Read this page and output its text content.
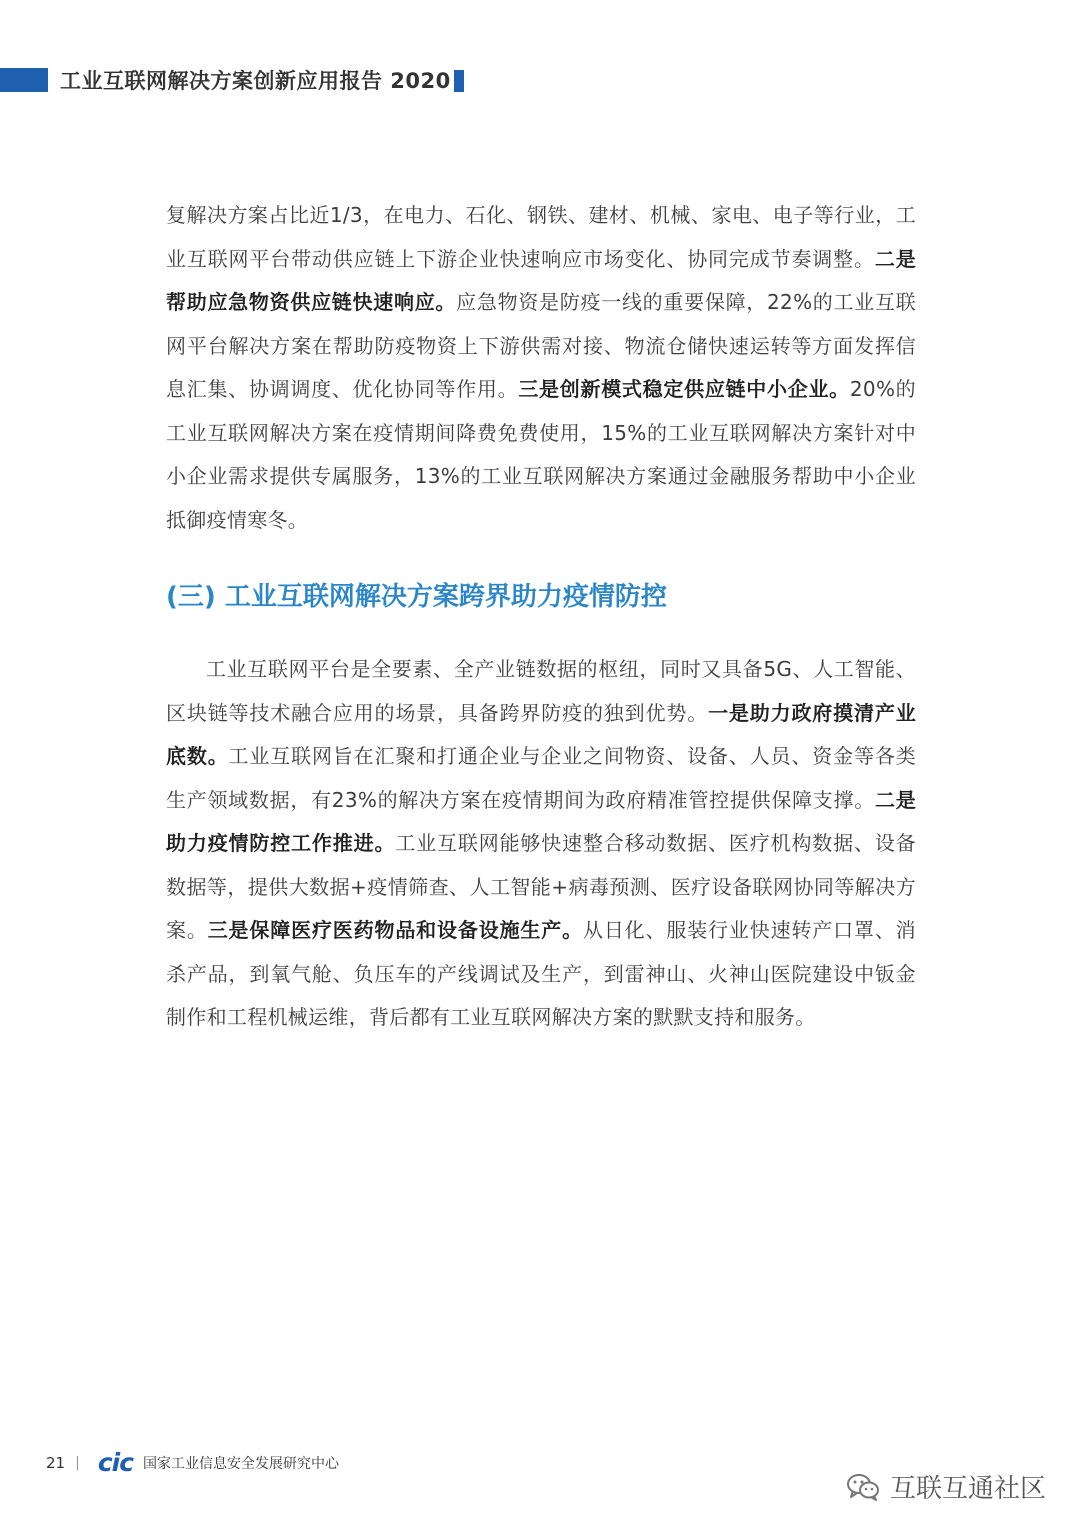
工业互联网解决方案创新应用报告 2020

复解决方案占比近1/3，在电力、石化、钢铁、建材、机械、家电、电子等行业，工业互联网平台带动供应链上下游企业快速响应市场变化、协同完成节奏调整。二是帮助应急物资供应链快速响应。应急物资是防疫一线的重要保障，22%的工业互联网平台解决方案在帮助防疫物资上下游供需对接、物流仓储快速运转等方面发挥信息汇集、协调调度、优化协同等作用。三是创新模式稳定供应链中小企业。20%的工业互联网解决方案在疫情期间降费免费使用，15%的工业互联网解决方案针对中小企业需求提供专属服务，13%的工业互联网解决方案通过金融服务帮助中小企业抵御疫情寒冬。

(三) 工业互联网解决方案跨界助力疫情防控

工业互联网平台是全要素、全产业链数据的枢纽，同时又具备5G、人工智能、区块链等技术融合应用的场景，具备跨界防疫的独到优势。一是助力政府摸清产业底数。工业互联网旨在汇聚和打通企业与企业之间物资、设备、人员、资金等各类生产领域数据，有23%的解决方案在疫情期间为政府精准管控提供保障支撑。二是助力疫情防控工作推进。工业互联网能够快速整合移动数据、医疗机构数据、设备数据等，提供大数据+疫情筛查、人工智能+病毒预测、医疗设备联网协同等解决方案。三是保障医疗医药物品和设备设施生产。从日化、服装行业快速转产口罩、消杀产品，到氧气舱、负压车的产线调试及生产，到雷神山、火神山医院建设中钣金制作和工程机械运维，背后都有工业互联网解决方案的默默支持和服务。

21 | cic 国家工业信息安全发展研究中心
互联互通社区
